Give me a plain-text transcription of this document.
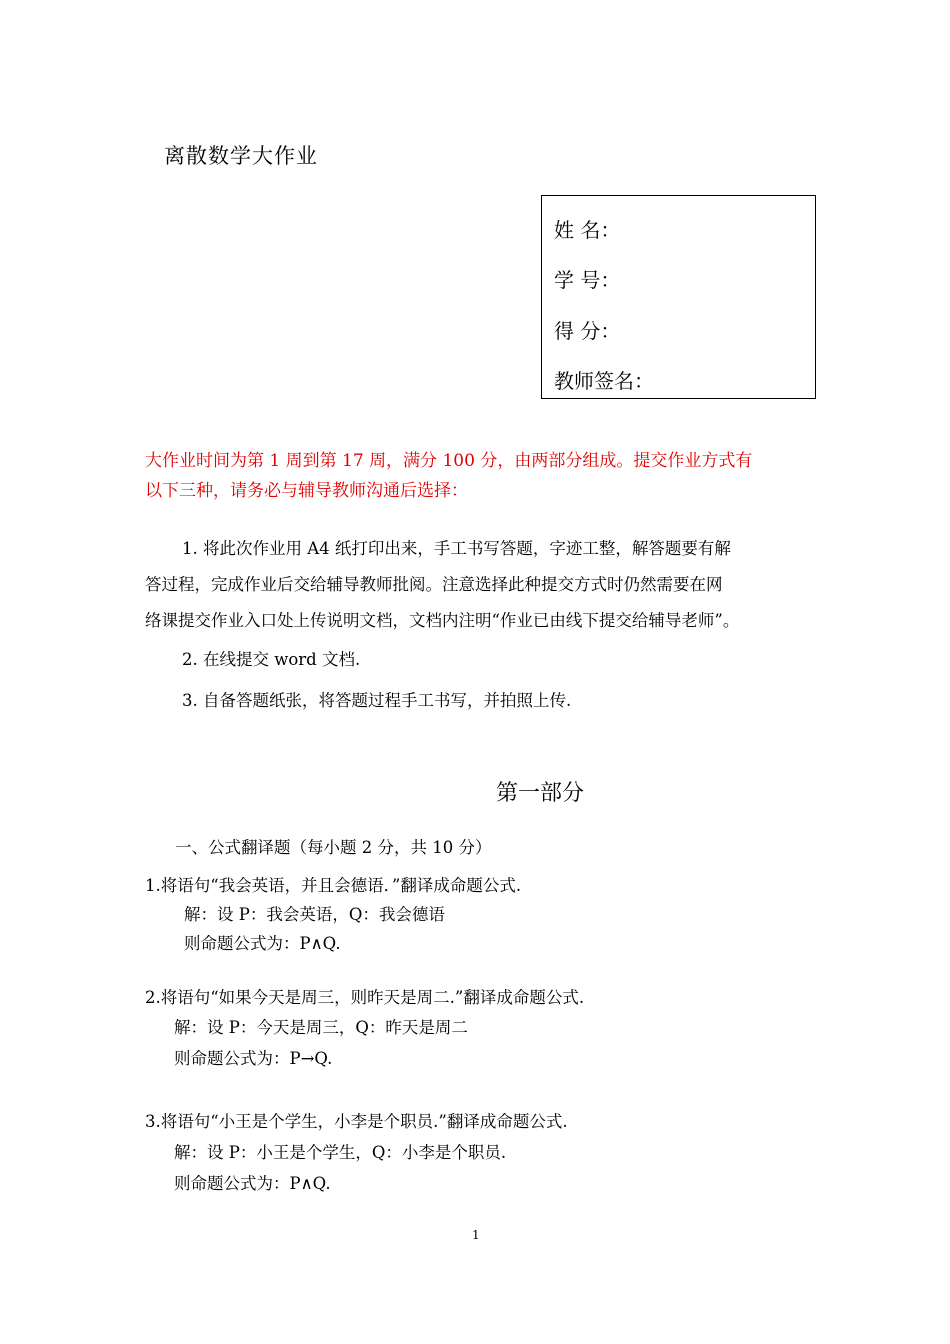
离散数学大作业
姓 名：
学 号：
得 分：
教师签名：
大作业时间为第 1 周到第 17 周，满分 100 分，由两部分组成。提交作业方式有
以下三种，请务必与辅导教师沟通后选择：
1. 将此次作业用 A4 纸打印出来，手工书写答题，字迹工整，解答题要有解
答过程，完成作业后交给辅导教师批阅。注意选择此种提交方式时仍然需要在网
络课提交作业入口处上传说明文档，文档内注明“作业已由线下提交给辅导老师”。
2. 在线提交 word 文档.
3. 自备答题纸张，将答题过程手工书写，并拍照上传.
第一部分
一、公式翻译题（每小题 2 分，共 10 分）
1.将语句“我会英语，并且会德语．”翻译成命题公式.
解：设 P：我会英语，Q：我会德语
则命题公式为：P∧Q.
2.将语句“如果今天是周三，则昨天是周二.”翻译成命题公式.
解：设 P：今天是周三，Q：昨天是周二
则命题公式为：P→Q.
3.将语句“小王是个学生，小李是个职员.”翻译成命题公式.
解：设 P：小王是个学生，Q：小李是个职员.
则命题公式为：P∧Q.
1
